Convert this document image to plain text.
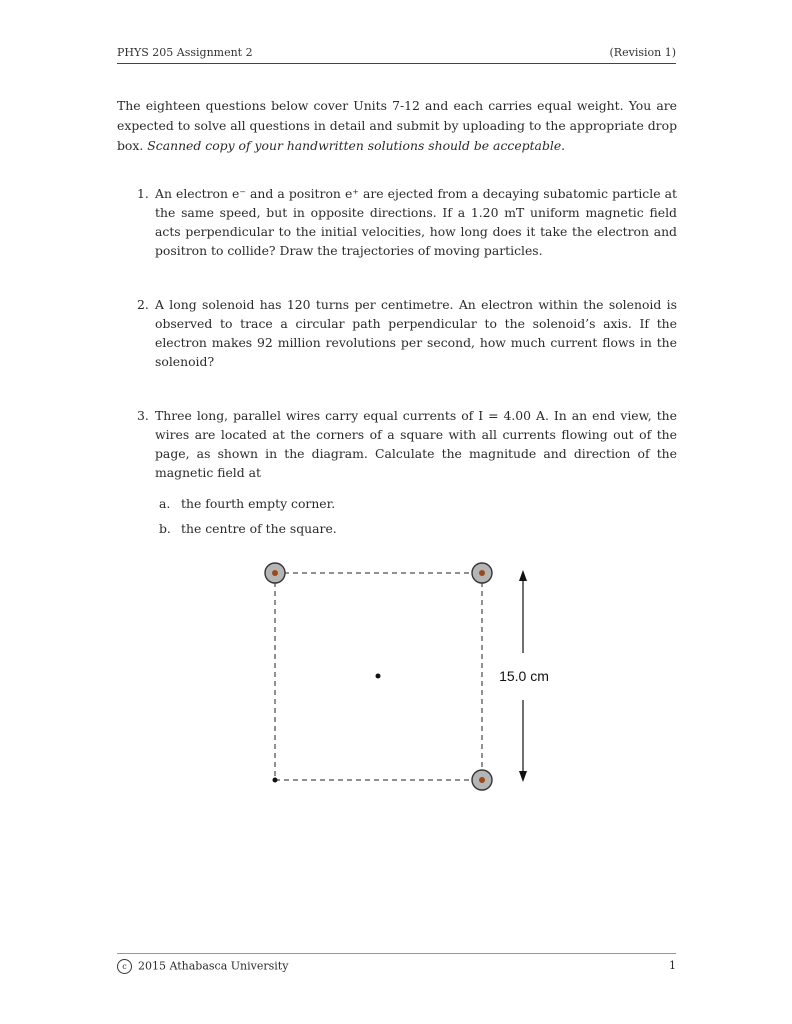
PHYS 205 Assignment 2	(Revision 1)
The eighteen questions below cover Units 7-12 and each carries equal weight. You are expected to solve all questions in detail and submit by uploading to the appropriate drop box. Scanned copy of your handwritten solutions should be acceptable.
1. An electron e⁻ and a positron e⁺ are ejected from a decaying subatomic particle at the same speed, but in opposite directions. If a 1.20 mT uniform magnetic field acts perpendicular to the initial velocities, how long does it take the electron and positron to collide? Draw the trajectories of moving particles.
2. A long solenoid has 120 turns per centimetre. An electron within the solenoid is observed to trace a circular path perpendicular to the solenoid’s axis. If the electron makes 92 million revolutions per second, how much current flows in the solenoid?
3. Three long, parallel wires carry equal currents of I = 4.00 A. In an end view, the wires are located at the corners of a square with all currents flowing out of the page, as shown in the diagram. Calculate the magnitude and direction of the magnetic field at
a. the fourth empty corner.
b. the centre of the square.
15.0 cm
c 2015 Athabasca University	1
